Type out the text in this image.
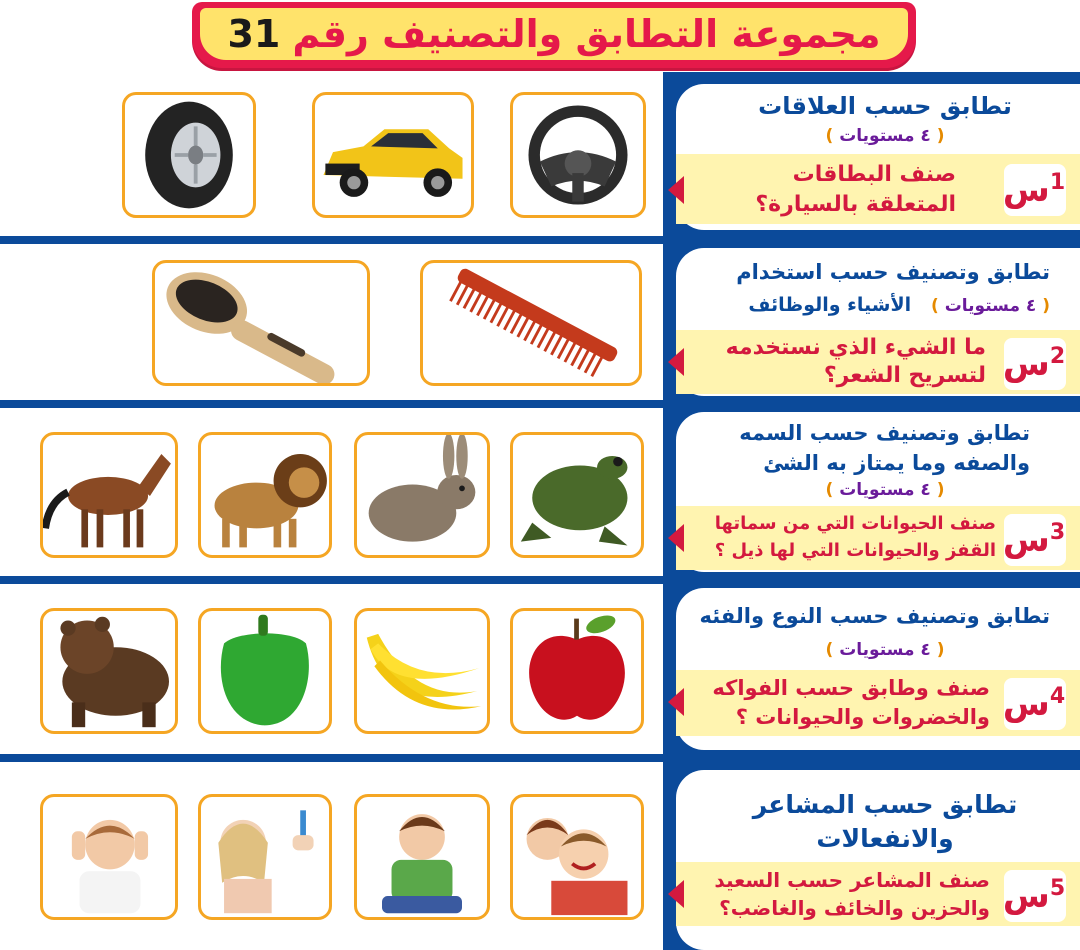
مجموعة التطابق والتصنيف رقم
31
تطابق حسب العلاقات
( ٤ مستويات )
صنف البطاقات
المتعلقة بالسيارة؟ س 1
تطابق وتصنيف حسب استخدام
( ٤ مستويات )   الأشياء والوظائف
ما الشيء الذي نستخدمه
لتسريح الشعر؟ س 2
تطابق وتصنيف حسب السمه
والصفه وما يمتاز به الشئ
( ٤ مستويات )
صنف الحيوانات التي من سماتها
القفز والحيوانات التي لها ذيل ؟ س 3
تطابق وتصنيف حسب النوع والفئه
( ٤ مستويات )
صنف وطابق حسب الفواكه
والخضروات والحيوانات ؟ س 4
تطابق حسب المشاعر
والانفعالات
صنف المشاعر حسب السعيد
والحزين والخائف والغاضب؟ س 5
